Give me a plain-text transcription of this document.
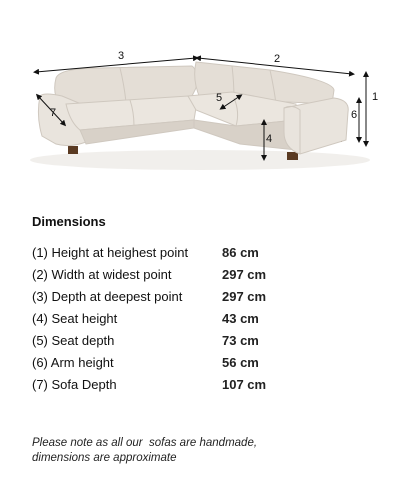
3	2
1
6
4
5
7
Dimensions
(1) Height at heighest point	86 cm
(2) Width at widest point	297 cm
(3) Depth at deepest point	297 cm
(4) Seat height	43 cm
(5) Seat depth	73 cm
(6) Arm height	56 cm
(7) Sofa Depth	107 cm
Please note as all our  sofas are handmade,
dimensions are approximate
